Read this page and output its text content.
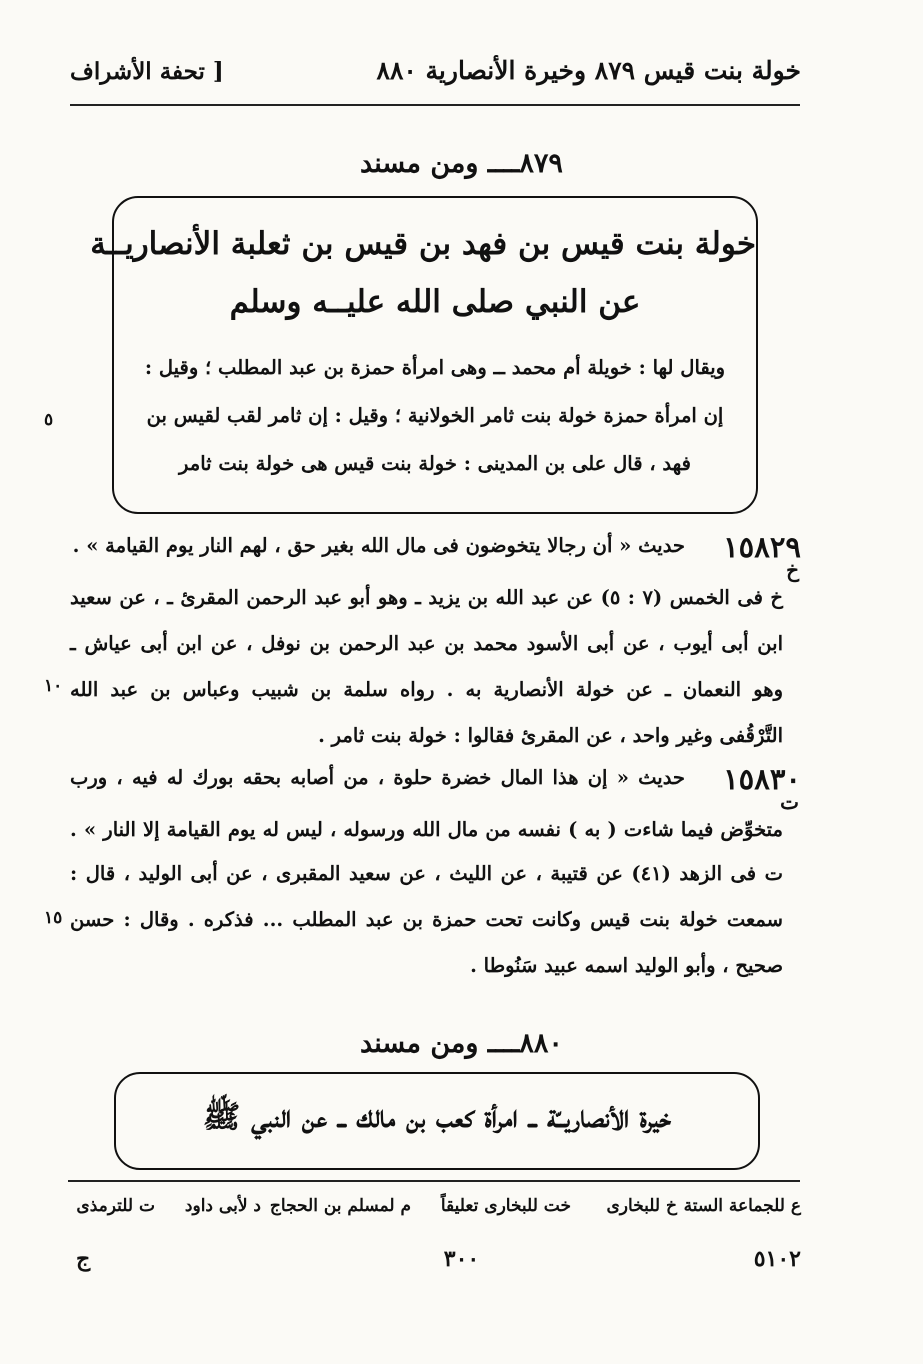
خولة بنت قيس ٨٧٩ وخيرة الأنصارية ٨٨٠
[ تحفة الأشراف
٨٧٩ــــ ومن مسند
خولة بنت قيس بن فهد بن قيس بن ثعلبة الأنصاريــة
عن النبي صلى الله عليــه وسلم
ويقال لها : خويلة أم محمد ــ وهى امرأة حمزة بن عبد المطلب ؛ وقيل :
إن امرأة حمزة خولة بنت ثامر الخولانية ؛ وقيل : إن ثامر لقب لقيس بن
فهد ، قال على بن المدينى : خولة بنت قيس هى خولة بنت ثامر
٥
١٥٨٢٩
خ
حديث « أن رجالا يتخوضون فى مال الله بغير حق ، لهم النار يوم القيامة » .
خ فى الخمس (٧ : ٥) عن عبد الله بن يزيد ـ وهو أبو عبد الرحمن المقرئ ـ ، عن سعيد
ابن أبى أيوب ، عن أبى الأسود محمد بن عبد الرحمن بن نوفل ، عن ابن أبى عياش ـ
وهو النعمان ـ عن خولة الأنصارية به . رواه سلمة بن شبيب وعباس بن عبد الله
التَّرْقُفى وغير واحد ، عن المقرئ فقالوا : خولة بنت ثامر .
١٠
١٥٨٣٠
ت
حديث « إن هذا المال خضرة حلوة ، من أصابه بحقه بورك له فيه ، ورب
متخوِّض فيما شاءت ( به ) نفسه من مال الله ورسوله ، ليس له يوم القيامة إلا النار » .
ت فى الزهد (٤١) عن قتيبة ، عن الليث ، عن سعيد المقبرى ، عن أبى الوليد ، قال :
سمعت خولة بنت قيس وكانت تحت حمزة بن عبد المطلب ... فذكره . وقال : حسن
صحيح ، وأبو الوليد اسمه عبيد سَنُوطا .
١٥
٨٨٠ــــ ومن مسند
خيرة الأنصاريــّة ــ امرأة كعب بن مالك ــ عن النبي ﷺ
ع للجماعة الستة
خ للبخارى
خت للبخارى تعليقاً
م لمسلم بن الحجاج
د لأبى داود
ت للترمذى
ج	٣٠٠	٥١٠٢
